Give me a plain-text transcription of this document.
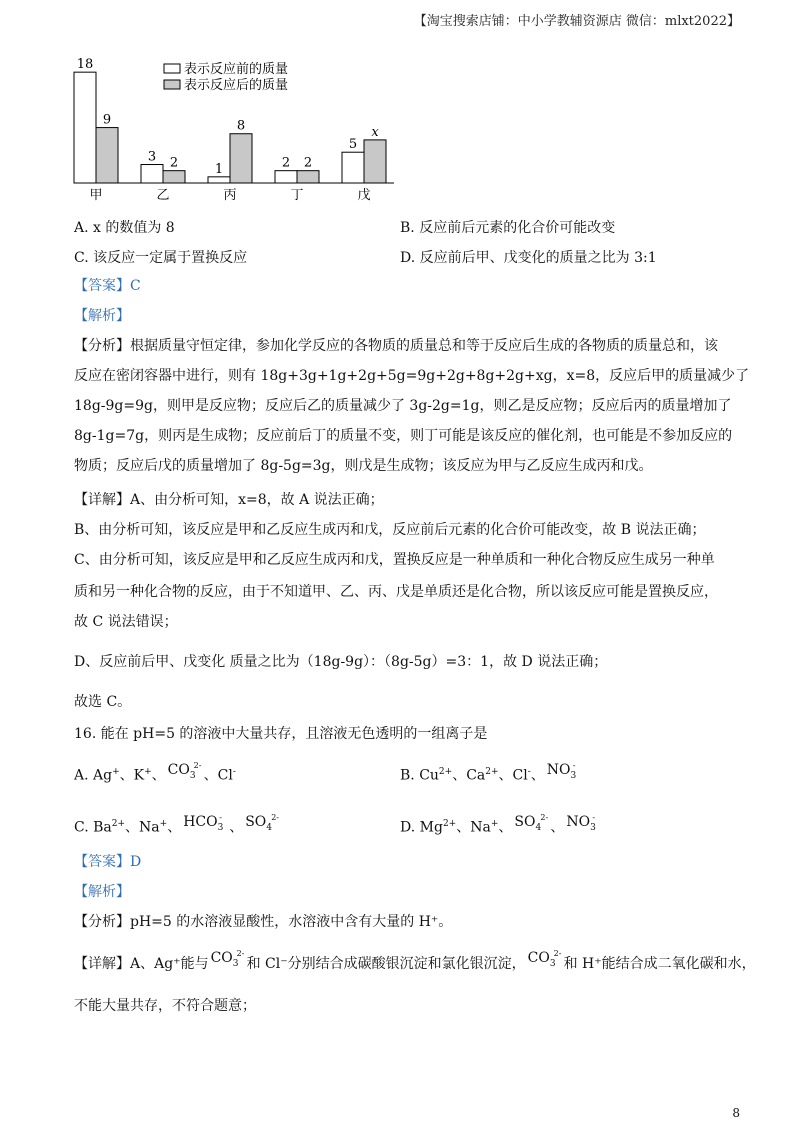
【淘宝搜索店铺：中小学教辅资源店 微信：mlxt2022】
18
9
甲
3 2
乙
1
8
丙
2 2
丁
5
x
戊
表示反应前的质量
表示反应后的质量
A. x 的数值为 8	B. 反应前后元素的化合价可能改变
C. 该反应一定属于置换反应	D. 反应前后甲、戊变化的质量之比为 3:1
【答案】C
【解析】
【分析】根据质量守恒定律，参加化学反应的各物质的质量总和等于反应后生成的各物质的质量总和，该
反应在密闭容器中进行，则有 18g+3g+1g+2g+5g=9g+2g+8g+2g+xg，x=8，反应后甲的质量减少了
18g-9g=9g，则甲是反应物；反应后乙的质量减少了 3g-2g=1g，则乙是反应物；反应后丙的质量增加了
8g-1g=7g，则丙是生成物；反应前后丁的质量不变，则丁可能是该反应的催化剂，也可能是不参加反应的
物质；反应后戊的质量增加了 8g-5g=3g，则戊是生成物；该反应为甲与乙反应生成丙和戊。
【详解】A、由分析可知，x=8，故 A 说法正确；
B、由分析可知，该反应是甲和乙反应生成丙和戊，反应前后元素的化合价可能改变，故 B 说法正确；
C、由分析可知，该反应是甲和乙反应生成丙和戊，置换反应是一种单质和一种化合物反应生成另一种单
质和另一种化合物的反应，由于不知道甲、乙、丙、戊是单质还是化合物，所以该反应可能是置换反应，
故 C 说法错误；
D、反应前后甲、戊变化 质量之比为（18g-9g）：（8g-5g）=3：1，故 D 说法正确；
故选 C。
16. 能在 pH=5 的溶液中大量共存，且溶液无色透明的一组离子是
A. Ag+、K+、 $CO_3$
2-
、Cl-	B. $Cu^{2+}$、$Ca^{2+}$、Cl-、 $NO_3$
-
C. $Ba^{2+}$、Na+、 $HCO_3$
-
、 $SO_4$
2-
D. $Mg^{2+}$、Na+、 $SO_4$
2-
、 $NO_3$
-
【答案】D
【解析】
【分析】pH=5 的水溶液显酸性，水溶液中含有大量的 H⁺。
【详解】A、Ag⁺能与 $CO_3$
2-
和 Cl⁻分别结合成碳酸银沉淀和氯化银沉淀， $CO_3$
2-
和 H⁺能结合成二氧化碳和水，
不能大量共存，不符合题意；
8
